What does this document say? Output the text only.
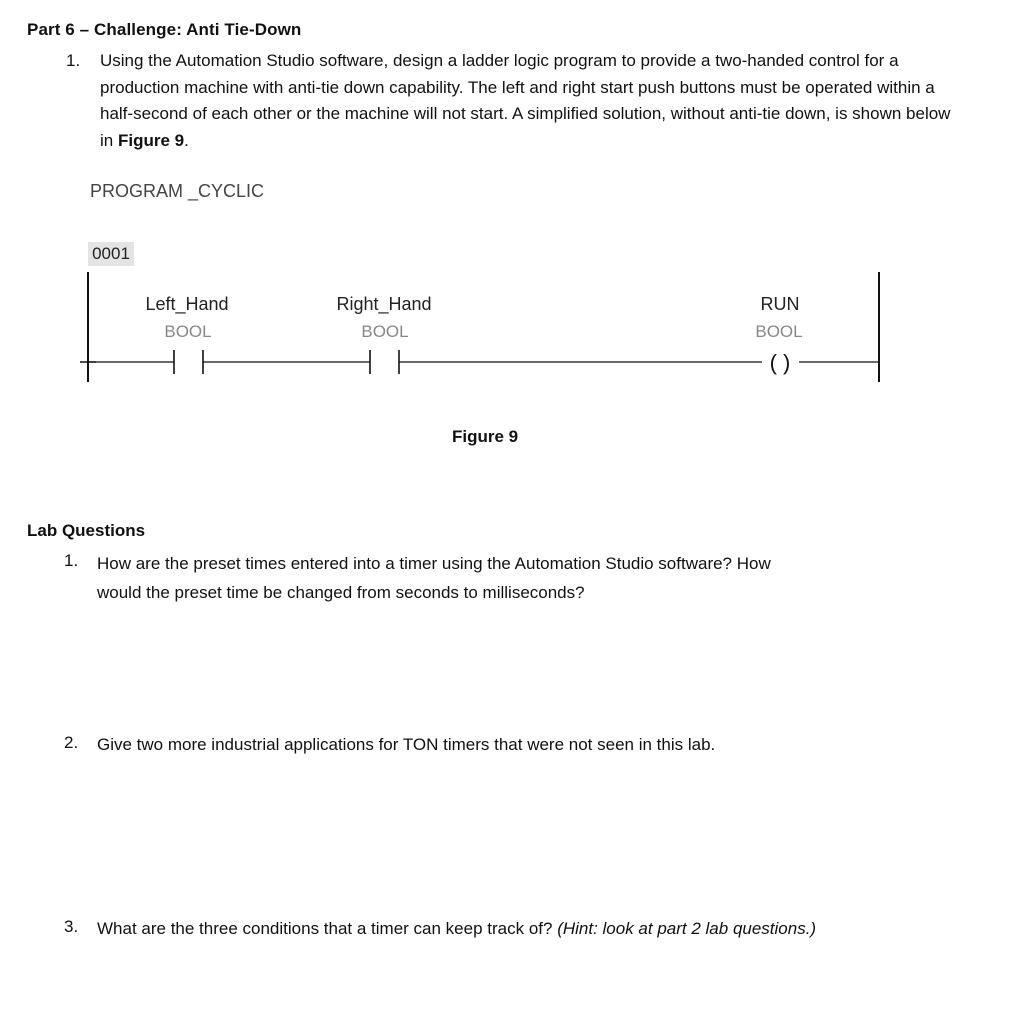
Part 6 – Challenge: Anti Tie-Down
1. Using the Automation Studio software, design a ladder logic program to provide a two-handed control for a production machine with anti-tie down capability. The left and right start push buttons must be operated within a half-second of each other or the machine will not start. A simplified solution, without anti-tie down, is shown below in Figure 9.
PROGRAM _CYCLIC
0001
( )
Left_Hand
BOOL
Right_Hand
BOOL
RUN
BOOL
Figure 9
Lab Questions
1. How are the preset times entered into a timer using the Automation Studio software? How
would the preset time be changed from seconds to milliseconds?
2. Give two more industrial applications for TON timers that were not seen in this lab.
3. What are the three conditions that a timer can keep track of? (Hint: look at part 2 lab questions.)
